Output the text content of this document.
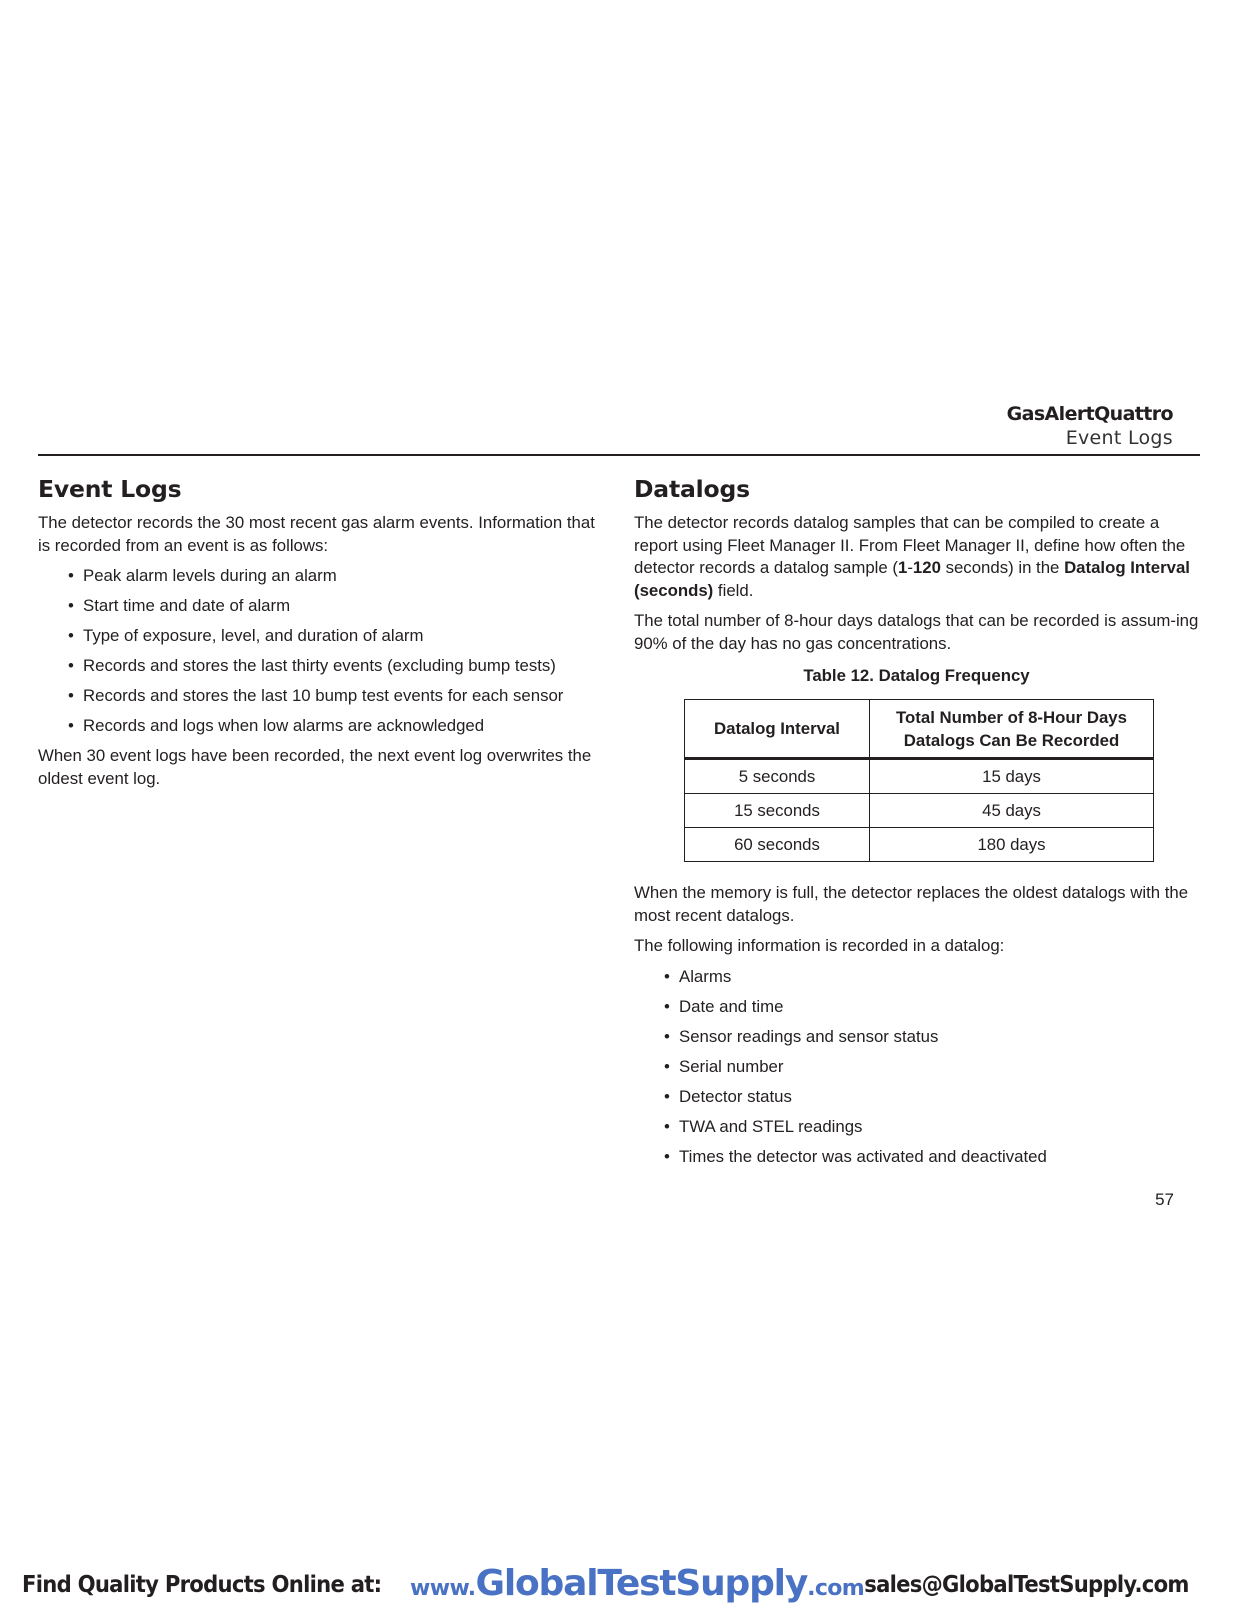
GasAlertQuattro
Event Logs
Event Logs

The detector records the 30 most recent gas alarm events. Information that is recorded from an event is as follows:

• Peak alarm levels during an alarm
• Start time and date of alarm
• Type of exposure, level, and duration of alarm
• Records and stores the last thirty events (excluding bump tests)
• Records and stores the last 10 bump test events for each sensor
• Records and logs when low alarms are acknowledged

When 30 event logs have been recorded, the next event log overwrites the oldest event log.

Datalogs

The detector records datalog samples that can be compiled to create a report using Fleet Manager II. From Fleet Manager II, define how often the detector records a datalog sample (1-120 seconds) in the Datalog Interval (seconds) field.

The total number of 8-hour days datalogs that can be recorded is assum-ing 90% of the day has no gas concentrations.

Table 12. Datalog Frequency
Datalog Interval	Total Number of 8-Hour Days Datalogs Can Be Recorded
5 seconds	15 days
15 seconds	45 days
60 seconds	180 days

When the memory is full, the detector replaces the oldest datalogs with the most recent datalogs.

The following information is recorded in a datalog:

• Alarms
• Date and time
• Sensor readings and sensor status
• Serial number
• Detector status
• TWA and STEL readings
• Times the detector was activated and deactivated
57
Find Quality Products Online at: www.GlobalTestSupply.com sales@GlobalTestSupply.com
